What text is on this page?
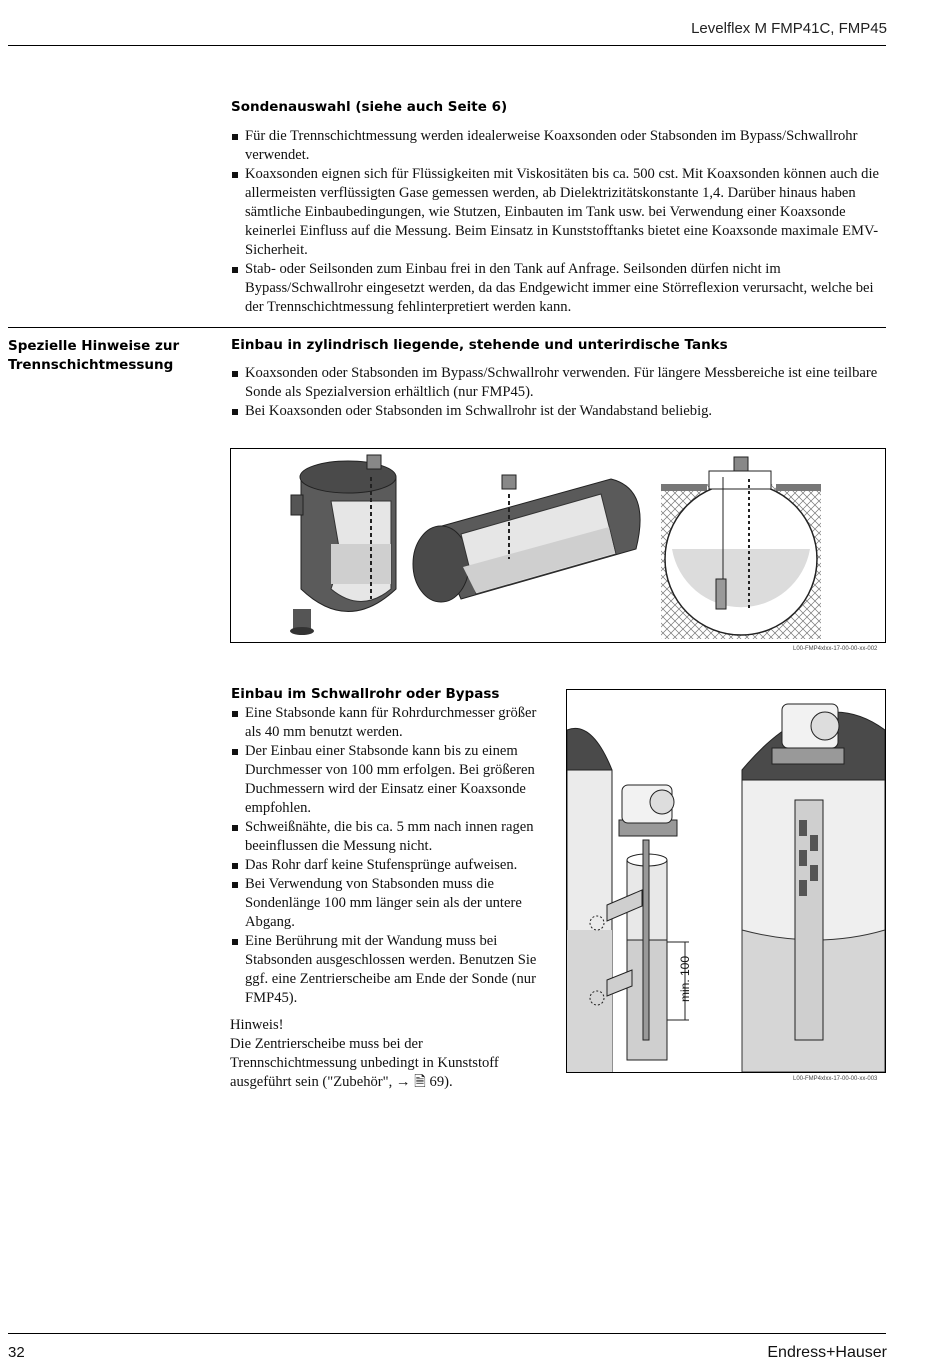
Levelflex M FMP41C, FMP45
Sondenauswahl (siehe auch Seite 6)
Für die Trennschichtmessung werden idealerweise Koaxsonden oder Stabsonden im Bypass/Schwallrohr verwendet.
Koaxsonden eignen sich für Flüssigkeiten mit Viskositäten bis ca. 500 cst. Mit Koaxsonden können auch die allermeisten verflüssigten Gase gemessen werden, ab Dielektrizitätskonstante 1,4. Darüber hinaus haben sämtliche Einbaubedingungen, wie Stutzen, Einbauten im Tank usw. bei Verwendung einer Koaxsonde keinerlei Einfluss auf die Messung. Beim Einsatz in Kunststofftanks bietet eine Koaxsonde maximale EMV-Sicherheit.
Stab- oder Seilsonden zum Einbau frei in den Tank auf Anfrage. Seilsonden dürfen nicht im Bypass/Schwallrohr eingesetzt werden, da das Endgewicht immer eine Störreflexion verursacht, welche bei der Trennschichtmessung fehlinterpretiert werden kann.
Spezielle Hinweise zur Trennschichtmessung
Einbau in zylindrisch liegende, stehende und unterirdische Tanks
Koaxsonden oder Stabsonden im Bypass/Schwallrohr verwenden. Für längere Messbereiche ist eine teilbare Sonde als Spezialversion erhältlich (nur FMP45).
Bei Koaxsonden oder Stabsonden im Schwallrohr ist der Wandabstand beliebig.
L00-FMP4xlxx-17-00-00-xx-002
Einbau im Schwallrohr oder Bypass
Eine Stabsonde kann für Rohrdurchmesser größer als 40 mm benutzt werden.
Der Einbau einer Stabsonde kann bis zu einem Durchmesser von 100 mm erfolgen. Bei größeren Duchmessern wird der Einsatz einer Koaxsonde empfohlen.
Schweißnähte, die bis ca. 5 mm nach innen ragen beeinflussen die Messung nicht.
Das Rohr darf keine Stufensprünge aufweisen.
Bei Verwendung von Stabsonden muss die Sondenlänge 100 mm länger sein als der untere Abgang.
Eine Berührung mit der Wandung muss bei Stabsonden ausgeschlossen werden. Benutzen Sie ggf. eine Zentrierscheibe am Ende der Sonde (nur FMP45).
Hinweis!
Die Zentrierscheibe muss bei der Trennschichtmessung unbedingt in Kunststoff ausgeführt sein ("Zubehör", → 🗎 69).
min. 100
L00-FMP4xlxx-17-00-00-xx-003
32	Endress+Hauser
